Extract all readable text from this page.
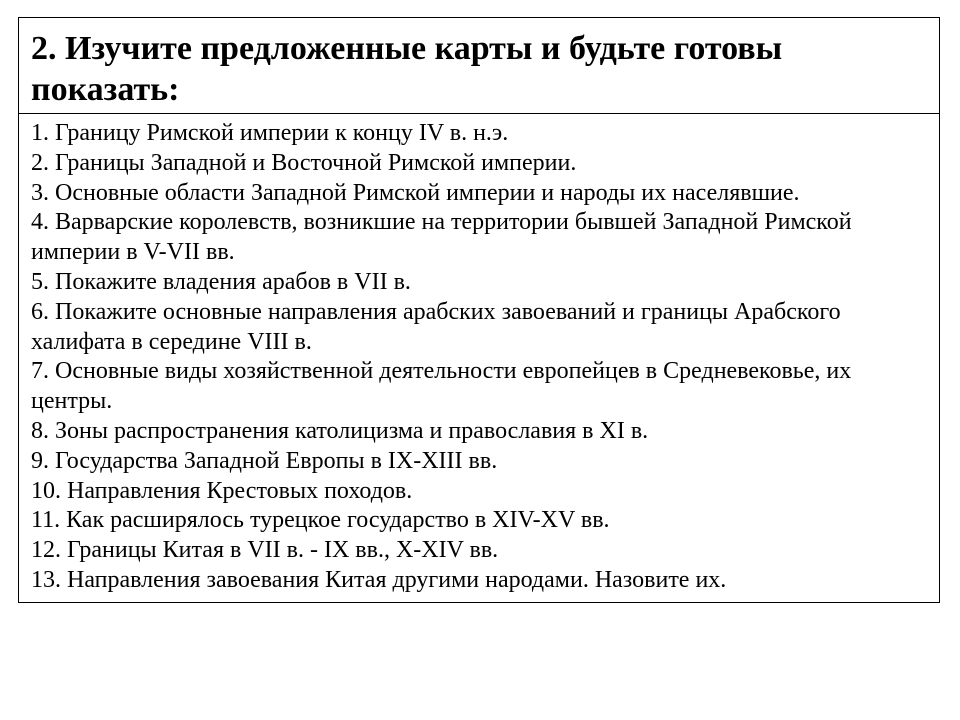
2. Изучите предложенные карты и будьте готовы показать:
1. Границу Римской империи к концу IV в. н.э.
2. Границы Западной и Восточной Римской империи.
3. Основные области Западной Римской империи и народы их населявшие.
4. Варварские королевств, возникшие на территории бывшей Западной Римской империи в V-VII вв.
5. Покажите владения арабов в VII в.
6. Покажите основные направления арабских завоеваний и границы Арабского халифата в середине VIII в.
7. Основные виды хозяйственной деятельности европейцев в Средневековье, их центры.
8. Зоны распространения католицизма и православия в XI в.
9. Государства Западной Европы в IX-XIII вв.
10. Направления Крестовых походов.
11. Как расширялось турецкое государство в XIV-XV вв.
12. Границы Китая в VII в. - IX вв., X-XIV вв.
13. Направления завоевания Китая другими народами. Назовите их.
